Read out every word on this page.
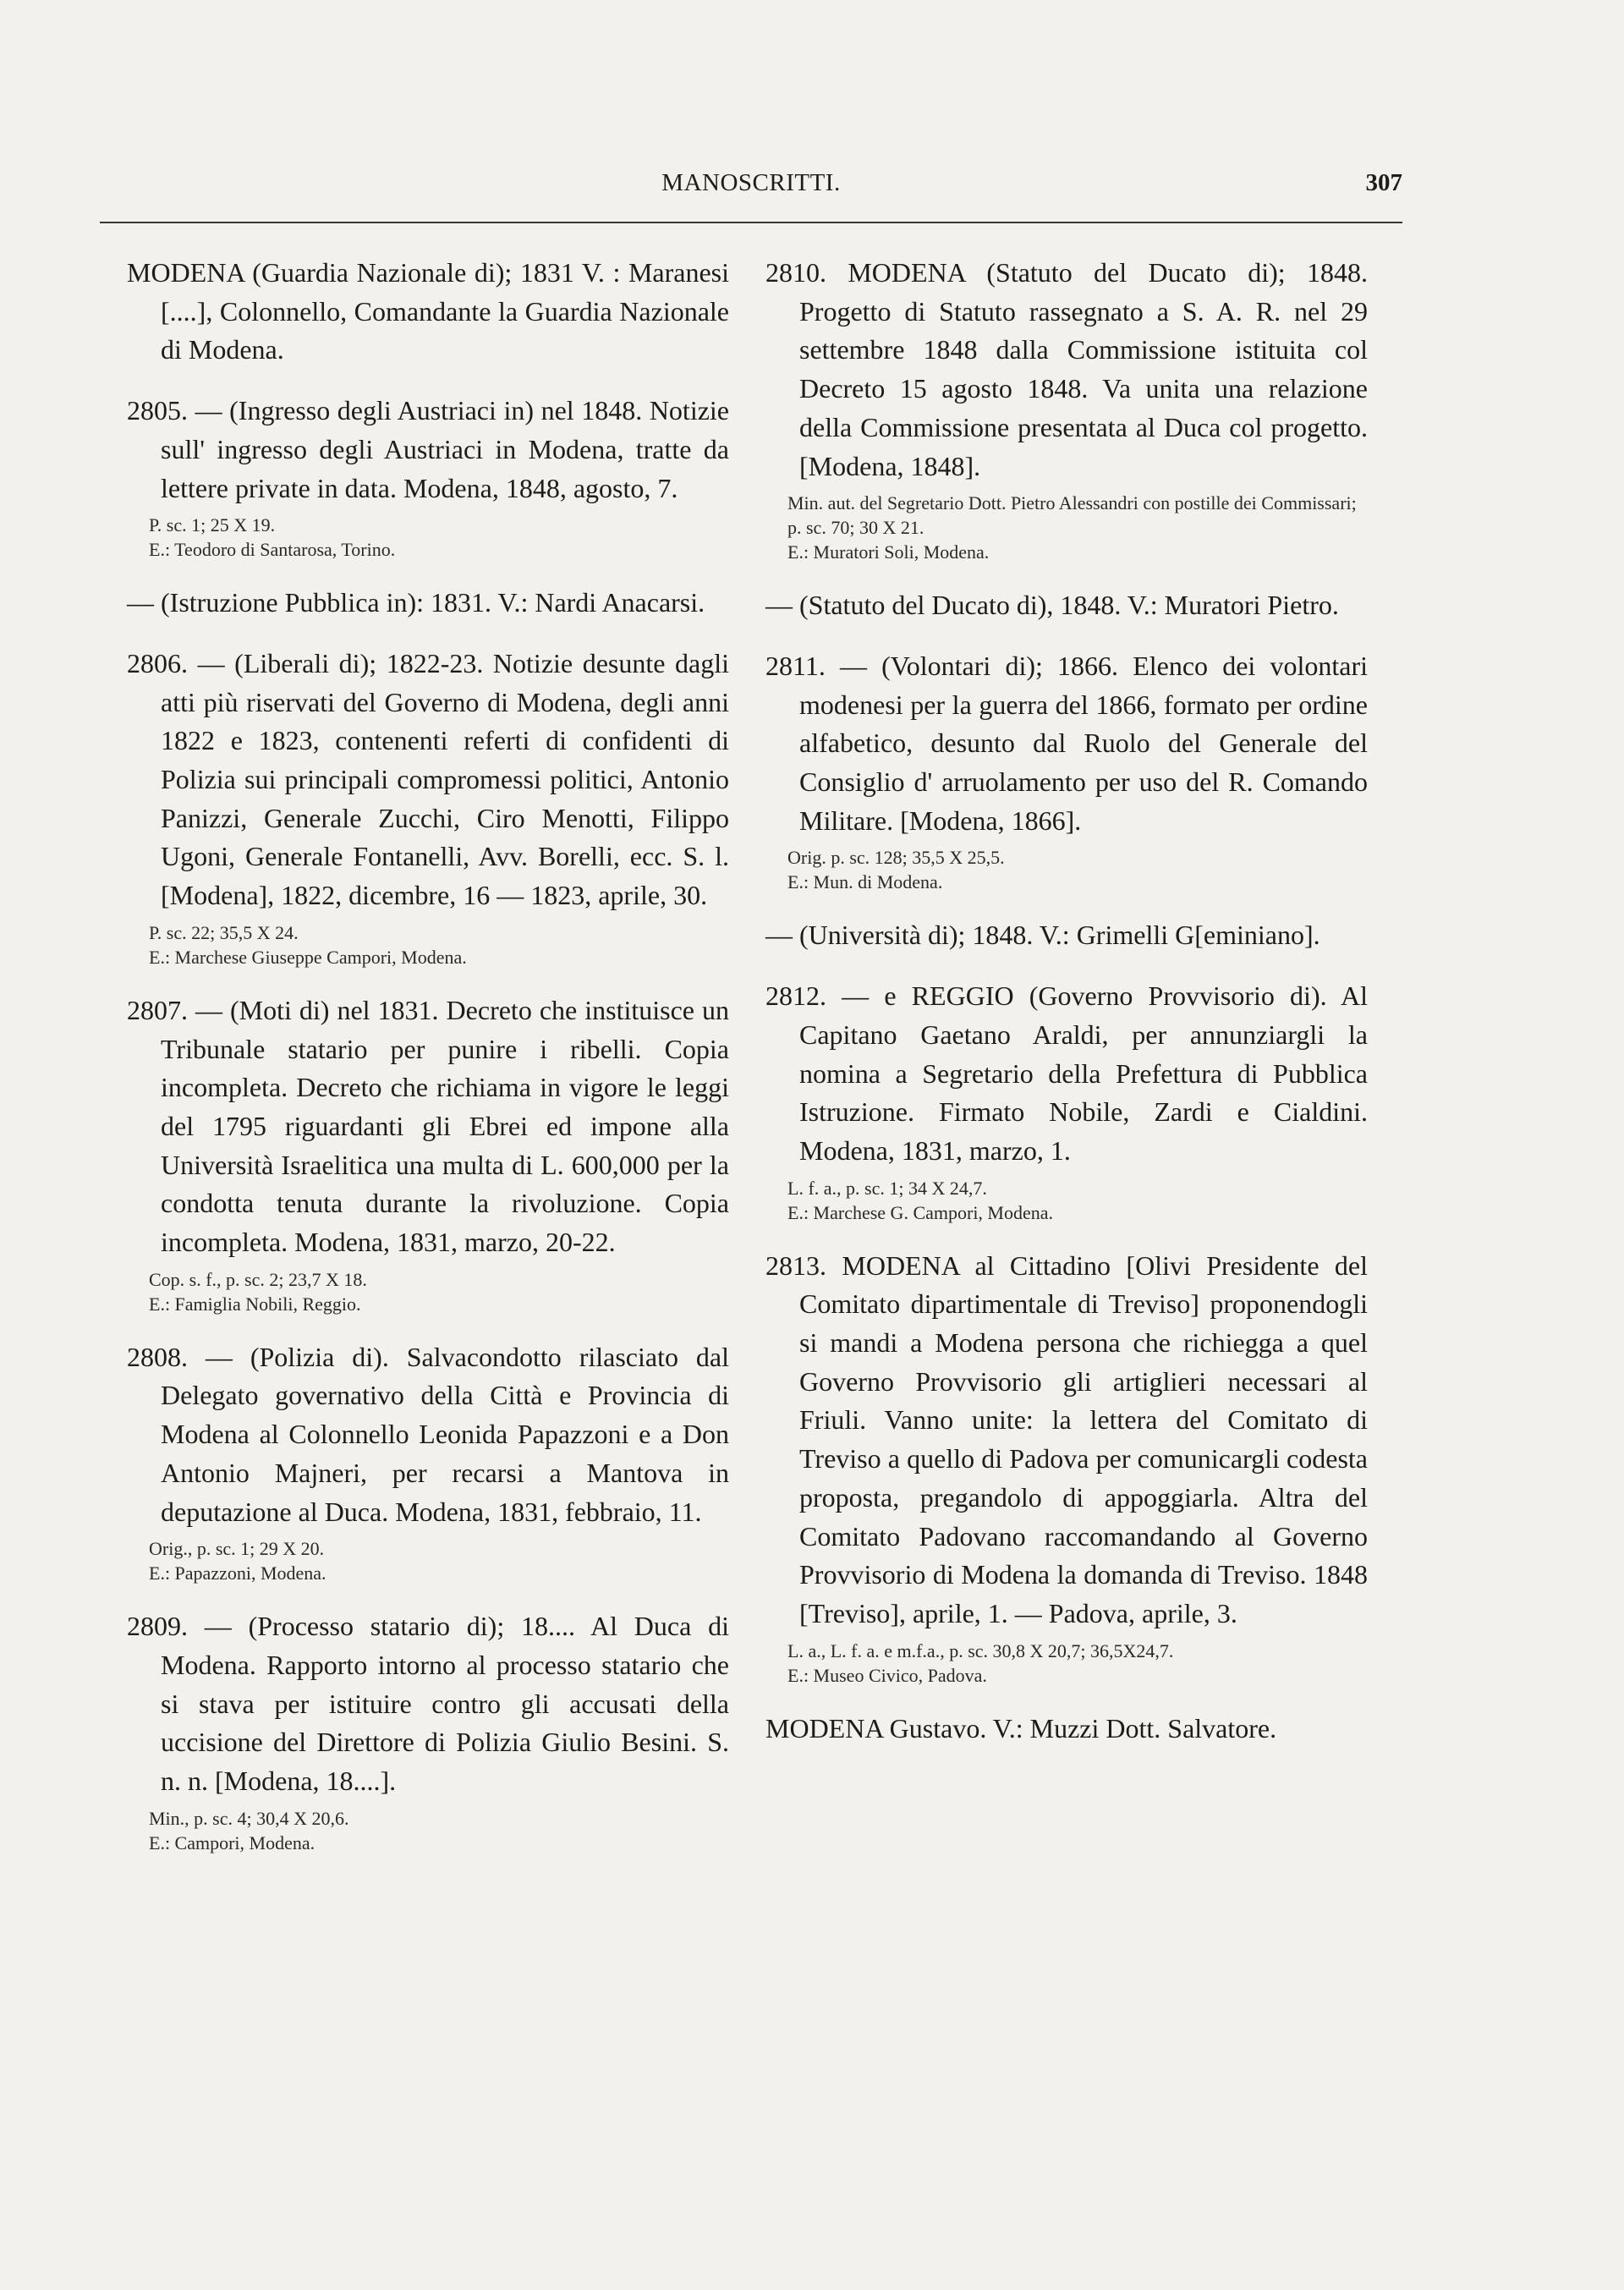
MANOSCRITTI.	307

MODENA (Guardia Nazionale di); 1831 V. : Maranesi [....], Colonnello, Comandante la Guardia Nazionale di Modena.

2805. — (Ingresso degli Austriaci in) nel 1848. Notizie sull' ingresso degli Austriaci in Modena, tratte da lettere private in data. Modena, 1848, agosto, 7.

P. sc. 1; 25 X 19.
E.: Teodoro di Santarosa, Torino.

— (Istruzione Pubblica in): 1831. V.: Nardi Anacarsi.

2806. — (Liberali di); 1822-23. Notizie desunte dagli atti più riservati del Governo di Modena, degli anni 1822 e 1823, contenenti referti di confidenti di Polizia sui principali compromessi politici, Antonio Panizzi, Generale Zucchi, Ciro Menotti, Filippo Ugoni, Generale Fontanelli, Avv. Borelli, ecc. S. l. [Modena], 1822, dicembre, 16 — 1823, aprile, 30.

P. sc. 22; 35,5 X 24.
E.: Marchese Giuseppe Campori, Modena.

2807. — (Moti di) nel 1831. Decreto che instituisce un Tribunale statario per punire i ribelli. Copia incompleta. Decreto che richiama in vigore le leggi del 1795 riguardanti gli Ebrei ed impone alla Università Israelitica una multa di L. 600,000 per la condotta tenuta durante la rivoluzione. Copia incompleta. Modena, 1831, marzo, 20-22.

Cop. s. f., p. sc. 2; 23,7 X 18.
E.: Famiglia Nobili, Reggio.

2808. — (Polizia di). Salvacondotto rilasciato dal Delegato governativo della Città e Provincia di Modena al Colonnello Leonida Papazzoni e a Don Antonio Majneri, per recarsi a Mantova in deputazione al Duca. Modena, 1831, febbraio, 11.

Orig., p. sc. 1; 29 X 20.
E.: Papazzoni, Modena.

2809. — (Processo statario di); 18.... Al Duca di Modena. Rapporto intorno al processo statario che si stava per istituire contro gli accusati della uccisione del Direttore di Polizia Giulio Besini. S. n. n. [Modena, 18....].

Min., p. sc. 4; 30,4 X 20,6.
E.: Campori, Modena.

2810. MODENA (Statuto del Ducato di); 1848. Progetto di Statuto rassegnato a S. A. R. nel 29 settembre 1848 dalla Commissione istituita col Decreto 15 agosto 1848. Va unita una relazione della Commissione presentata al Duca col progetto. [Modena, 1848].

Min. aut. del Segretario Dott. Pietro Alessandri con postille dei Commissari; p. sc. 70; 30 X 21.
E.: Muratori Soli, Modena.

— (Statuto del Ducato di), 1848. V.: Muratori Pietro.

2811. — (Volontari di); 1866. Elenco dei volontari modenesi per la guerra del 1866, formato per ordine alfabetico, desunto dal Ruolo del Generale del Consiglio d' arruolamento per uso del R. Comando Militare. [Modena, 1866].

Orig. p. sc. 128; 35,5 X 25,5.
E.: Mun. di Modena.

— (Università di); 1848. V.: Grimelli G[eminiano].

2812. — e REGGIO (Governo Provvisorio di). Al Capitano Gaetano Araldi, per annunziargli la nomina a Segretario della Prefettura di Pubblica Istruzione. Firmato Nobile, Zardi e Cialdini. Modena, 1831, marzo, 1.

L. f. a., p. sc. 1; 34 X 24,7.
E.: Marchese G. Campori, Modena.

2813. MODENA al Cittadino [Olivi Presidente del Comitato dipartimentale di Treviso] proponendogli si mandi a Modena persona che richiegga a quel Governo Provvisorio gli artiglieri necessari al Friuli. Vanno unite: la lettera del Comitato di Treviso a quello di Padova per comunicargli codesta proposta, pregandolo di appoggiarla. Altra del Comitato Padovano raccomandando al Governo Provvisorio di Modena la domanda di Treviso. 1848 [Treviso], aprile, 1. — Padova, aprile, 3.

L. a., L. f. a. e m.f.a., p. sc. 30,8 X 20,7; 36,5X24,7.
E.: Museo Civico, Padova.

MODENA Gustavo. V.: Muzzi Dott. Salvatore.
